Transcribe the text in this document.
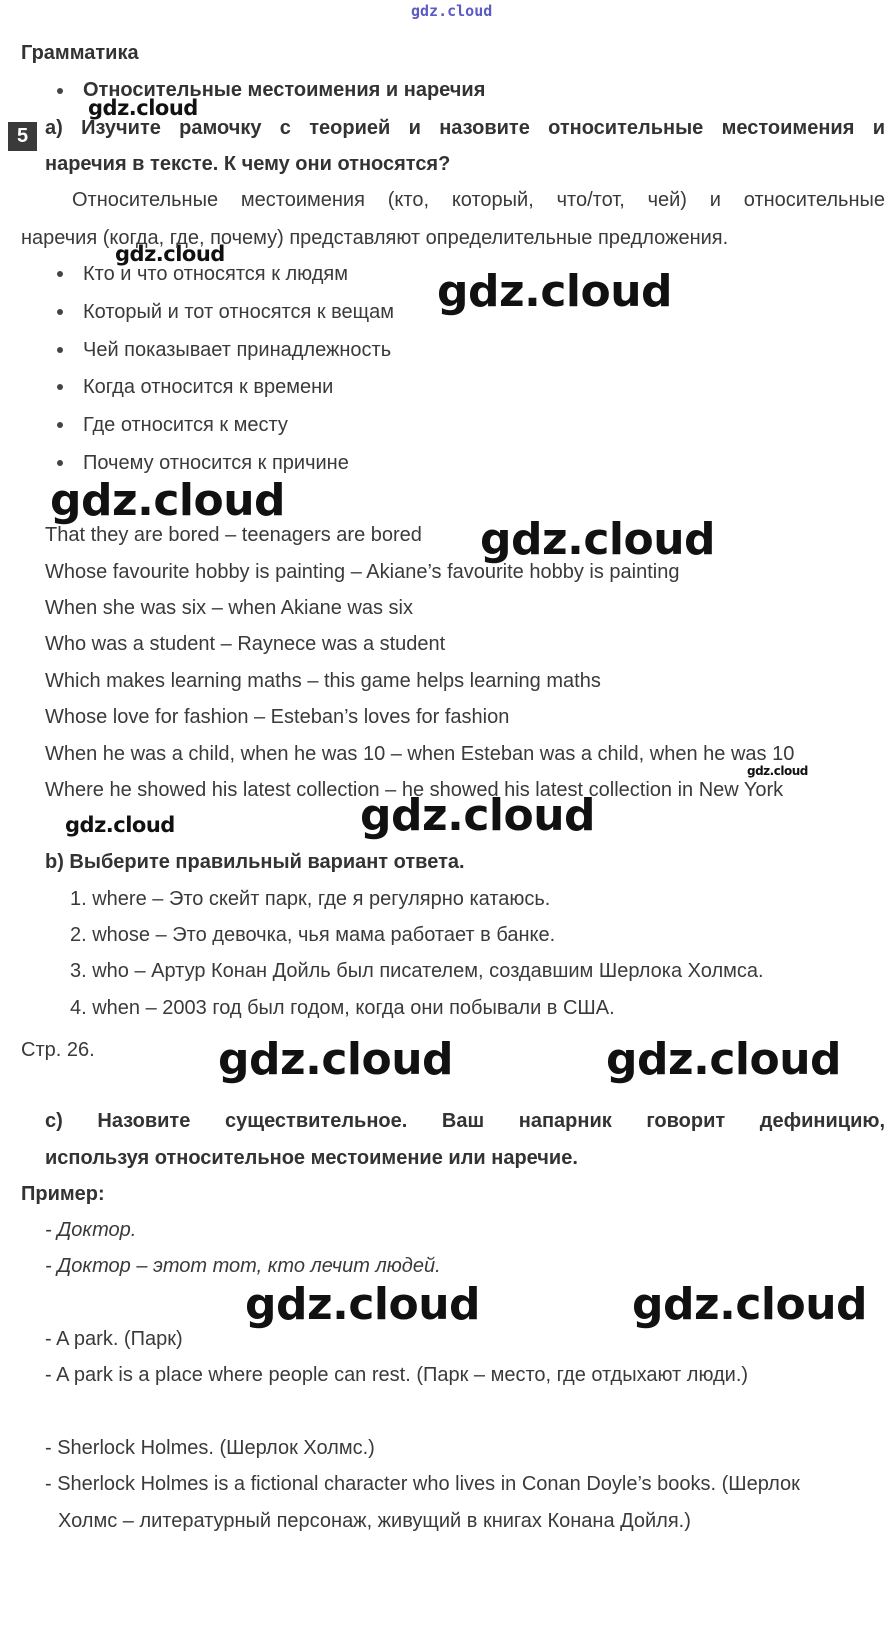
gdz.cloud
gdz.cloud
gdz.cloud
gdz.cloud
gdz.cloud
gdz.cloud
gdz.cloud
gdz.cloud
gdz.cloud
gdz.cloud	gdz.cloud
gdz.cloud	gdz.cloud
Грамматика
Относительные местоимения и наречия
5 a) Изучите рамочку с теорией и назовите относительные местоимения и
наречия в тексте. К чему они относятся?
Относительные местоимения (кто, который, что/тот, чей) и относительные
наречия (когда, где, почему) представляют определительные предложения.
Кто и что относятся к людям
Который и тот относятся к вещам
Чей показывает принадлежность
Когда относится к времени
Где относится к месту
Почему относится к причине
That they are bored – teenagers are bored
Whose favourite hobby is painting – Akiane’s favourite hobby is painting
When she was six – when Akiane was six
Who was a student – Raynece was a student
Which makes learning maths – this game helps learning maths
Whose love for fashion – Esteban’s loves for fashion
When he was a child, when he was 10 – when Esteban was a child, when he was 10
Where he showed his latest collection – he showed his latest collection in New York
b) Выберите правильный вариант ответа.
1. where – Это скейт парк, где я регулярно катаюсь.
2. whose – Это девочка, чья мама работает в банке.
3. who – Артур Конан Дойль был писателем, создавшим Шерлока Холмса.
4. when – 2003 год был годом, когда они побывали в США.
Стр. 26.
c) Назовите существительное. Ваш напарник говорит дефиницию,
используя относительное местоимение или наречие.
Пример:
- Доктор.
- Доктор – этот тот, кто лечит людей.
- A park. (Парк)
- A park is a place where people can rest. (Парк – место, где отдыхают люди.)
- Sherlock Holmes. (Шерлок Холмс.)
- Sherlock Holmes is a fictional character who lives in Conan Doyle’s books. (Шерлок
Холмс – литературный персонаж, живущий в книгах Конана Дойля.)
